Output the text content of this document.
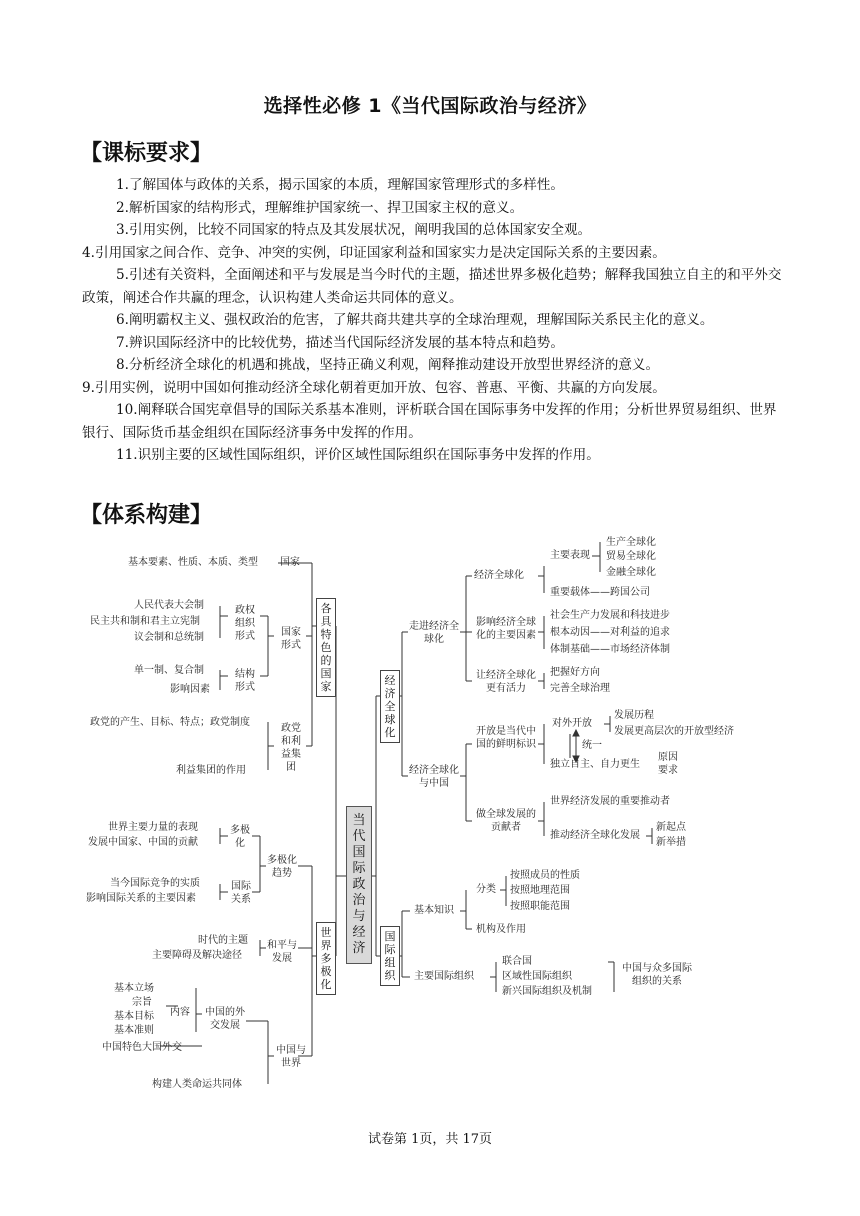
选择性必修 1《当代国际政治与经济》
【课标要求】

1.了解国体与政体的关系，揭示国家的本质，理解国家管理形式的多样性。

2.解析国家的结构形式，理解维护国家统一、捍卫国家主权的意义。

3.引用实例，比较不同国家的特点及其发展状况，阐明我国的总体国家安全观。

4.引用国家之间合作、竞争、冲突的实例，印证国家利益和国家实力是决定国际关系的主要因素。

5.引述有关资料，全面阐述和平与发展是当今时代的主题，描述世界多极化趋势；解释我国独立自主的和平外交政策，阐述合作共赢的理念，认识构建人类命运共同体的意义。

6.阐明霸权主义、强权政治的危害，了解共商共建共享的全球治理观，理解国际关系民主化的意义。

7.辨识国际经济中的比较优势，描述当代国际经济发展的基本特点和趋势。

8.分析经济全球化的机遇和挑战，坚持正确义利观，阐释推动建设开放型世界经济的意义。

9.引用实例，说明中国如何推动经济全球化朝着更加开放、包容、普惠、平衡、共赢的方向发展。

10.阐释联合国宪章倡导的国际关系基本准则，评析联合国在国际事务中发挥的作用；分析世界贸易组织、世界银行、国际货币基金组织在国际经济事务中发挥的作用。

11.识别主要的区域性国际组织，评价区域性国际组织在国际事务中发挥的作用。

【体系构建】
当代国际政治与经济
各具特色的国家
世界多极化
经济全球化
国际组织
基本要素、性质、本质、类型 国家
国家形式
政权组织形式
人民代表大会制
民主共和制和君主立宪制
议会制和总统制
结构形式
单一制、复合制
影响因素
政党和利益集团
政党的产生、目标、特点；政党制度
利益集团的作用
多极化趋势
多极化
世界主要力量的表现
发展中国家、中国的贡献
国际关系
当今国际竞争的实质
影响国际关系的主要因素
和平与发展
时代的主题
主要障碍及解决途径
中国与世界
中国的外交发展
内容
基本立场
宗旨
基本目标
基本准则
中国特色大国外交
构建人类命运共同体
走进经济全球化
经济全球化
主要表现
生产全球化
贸易全球化
金融全球化
重要载体——跨国公司
影响经济全球化的主要因素
社会生产力发展和科技进步
根本动因——对利益的追求
体制基础——市场经济体制
让经济全球化更有活力
把握好方向
完善全球治理
经济全球化与中国
开放是当代中国的鲜明标识
对外开放
发展历程
发展更高层次的开放型经济
统一
独立自主、自力更生
原因要求
做全球发展的贡献者
世界经济发展的重要推动者
推动经济全球化发展
新起点
新举措
基本知识
分类
按照成员的性质
按照地理范围
按照职能范围
机构及作用
主要国际组织
联合国
区域性国际组织
新兴国际组织及机制
中国与众多国际组织的关系
试卷第 1页，共 17页
